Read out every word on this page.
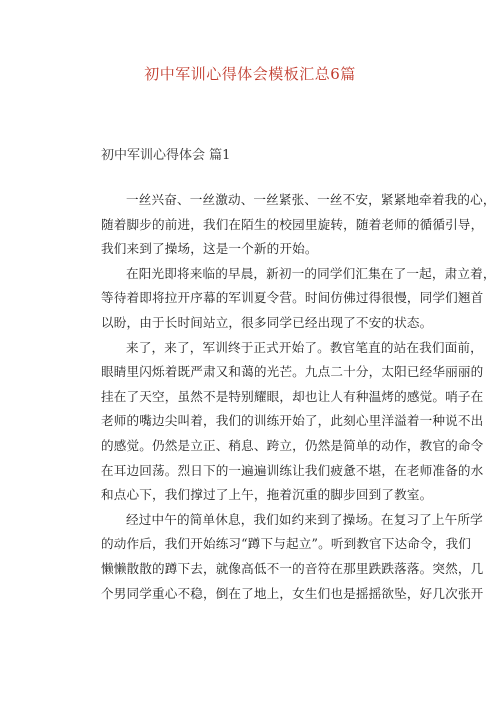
初中军训心得体会模板汇总6篇
初中军训心得体会 篇1
一丝兴奋、一丝激动、一丝紧张、一丝不安，紧紧地牵着我的心，
随着脚步的前进，我们在陌生的校园里旋转，随着老师的循循引导，
我们来到了操场，这是一个新的开始。
在阳光即将来临的早晨，新初一的同学们汇集在了一起，肃立着，
等待着即将拉开序幕的军训夏令营。时间仿佛过得很慢，同学们翘首
以盼，由于长时间站立，很多同学已经出现了不安的状态。
来了，来了，军训终于正式开始了。教官笔直的站在我们面前，
眼睛里闪烁着既严肃又和蔼的光芒。九点二十分，太阳已经华丽丽的
挂在了天空，虽然不是特别耀眼，却也让人有种温烤的感觉。哨子在
老师的嘴边尖叫着，我们的训练开始了，此刻心里洋溢着一种说不出
的感觉。仍然是立正、稍息、跨立，仍然是简单的动作，教官的命令
在耳边回荡。烈日下的一遍遍训练让我们疲惫不堪，在老师准备的水
和点心下，我们撑过了上午，拖着沉重的脚步回到了教室。
经过中午的简单休息，我们如约来到了操场。在复习了上午所学
的动作后，我们开始练习“蹲下与起立”。听到教官下达命令，我们
懒懒散散的蹲下去，就像高低不一的音符在那里跌跌落落。突然，几
个男同学重心不稳，倒在了地上，女生们也是摇摇欲坠，好几次张开
